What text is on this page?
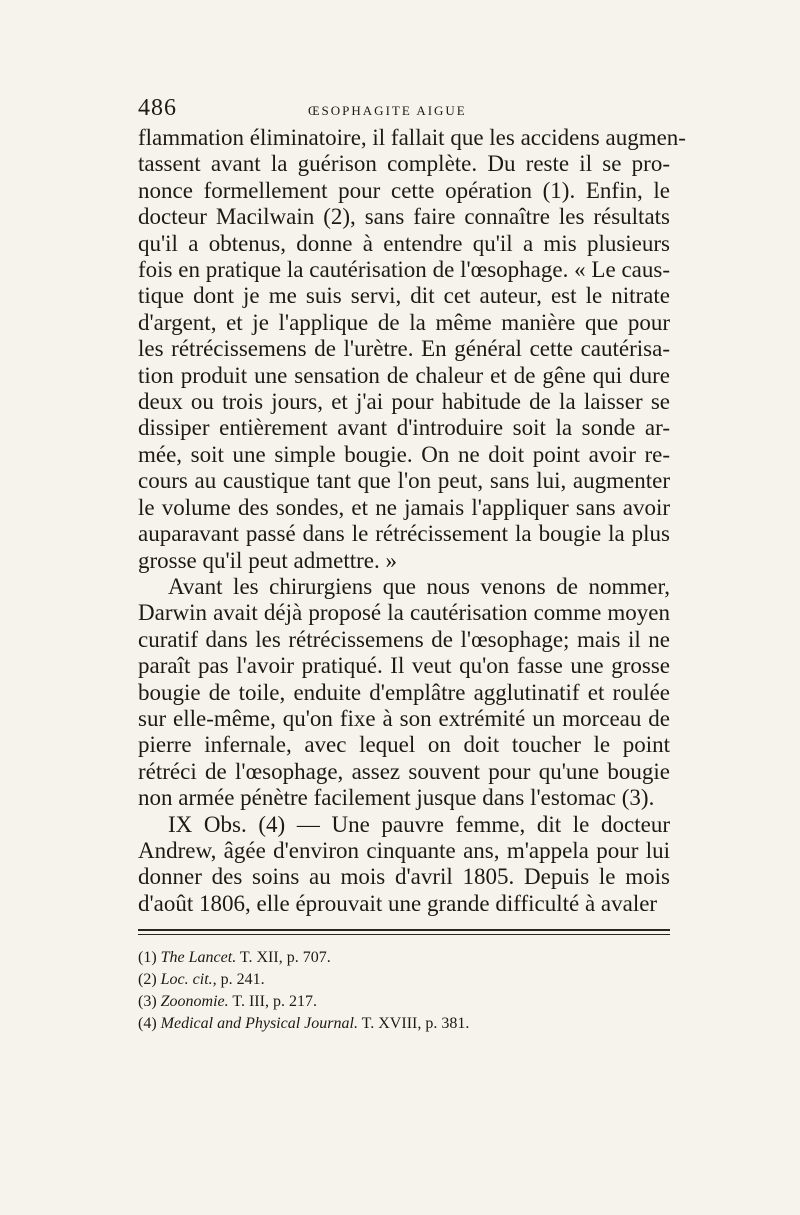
486	ŒSOPHAGITE AIGUE

flammation éliminatoire, il fallait que les accidens augmen-
tassent avant la guérison complète. Du reste il se pro-
nonce formellement pour cette opération (1). Enfin, le
docteur Macilwain (2), sans faire connaître les résultats
qu'il a obtenus, donne à entendre qu'il a mis plusieurs
fois en pratique la cautérisation de l'œsophage. « Le caus-
tique dont je me suis servi, dit cet auteur, est le nitrate
d'argent, et je l'applique de la même manière que pour
les rétrécissemens de l'urètre. En général cette cautérisa-
tion produit une sensation de chaleur et de gêne qui dure
deux ou trois jours, et j'ai pour habitude de la laisser se
dissiper entièrement avant d'introduire soit la sonde ar-
mée, soit une simple bougie. On ne doit point avoir re-
cours au caustique tant que l'on peut, sans lui, augmenter
le volume des sondes, et ne jamais l'appliquer sans avoir
auparavant passé dans le rétrécissement la bougie la plus
grosse qu'il peut admettre. »

Avant les chirurgiens que nous venons de nommer,
Darwin avait déjà proposé la cautérisation comme moyen
curatif dans les rétrécissemens de l'œsophage; mais il ne
paraît pas l'avoir pratiqué. Il veut qu'on fasse une grosse
bougie de toile, enduite d'emplâtre agglutinatif et roulée
sur elle-même, qu'on fixe à son extrémité un morceau de
pierre infernale, avec lequel on doit toucher le point
rétréci de l'œsophage, assez souvent pour qu'une bougie
non armée pénètre facilement jusque dans l'estomac (3).

IX Obs. (4) — Une pauvre femme, dit le docteur
Andrew, âgée d'environ cinquante ans, m'appela pour lui
donner des soins au mois d'avril 1805. Depuis le mois
d'août 1806, elle éprouvait une grande difficulté à avaler

(1) The Lancet. T. XII, p. 707.
(2) Loc. cit., p. 241.
(3) Zoonomie. T. III, p. 217.
(4) Medical and Physical Journal. T. XVIII, p. 381.
